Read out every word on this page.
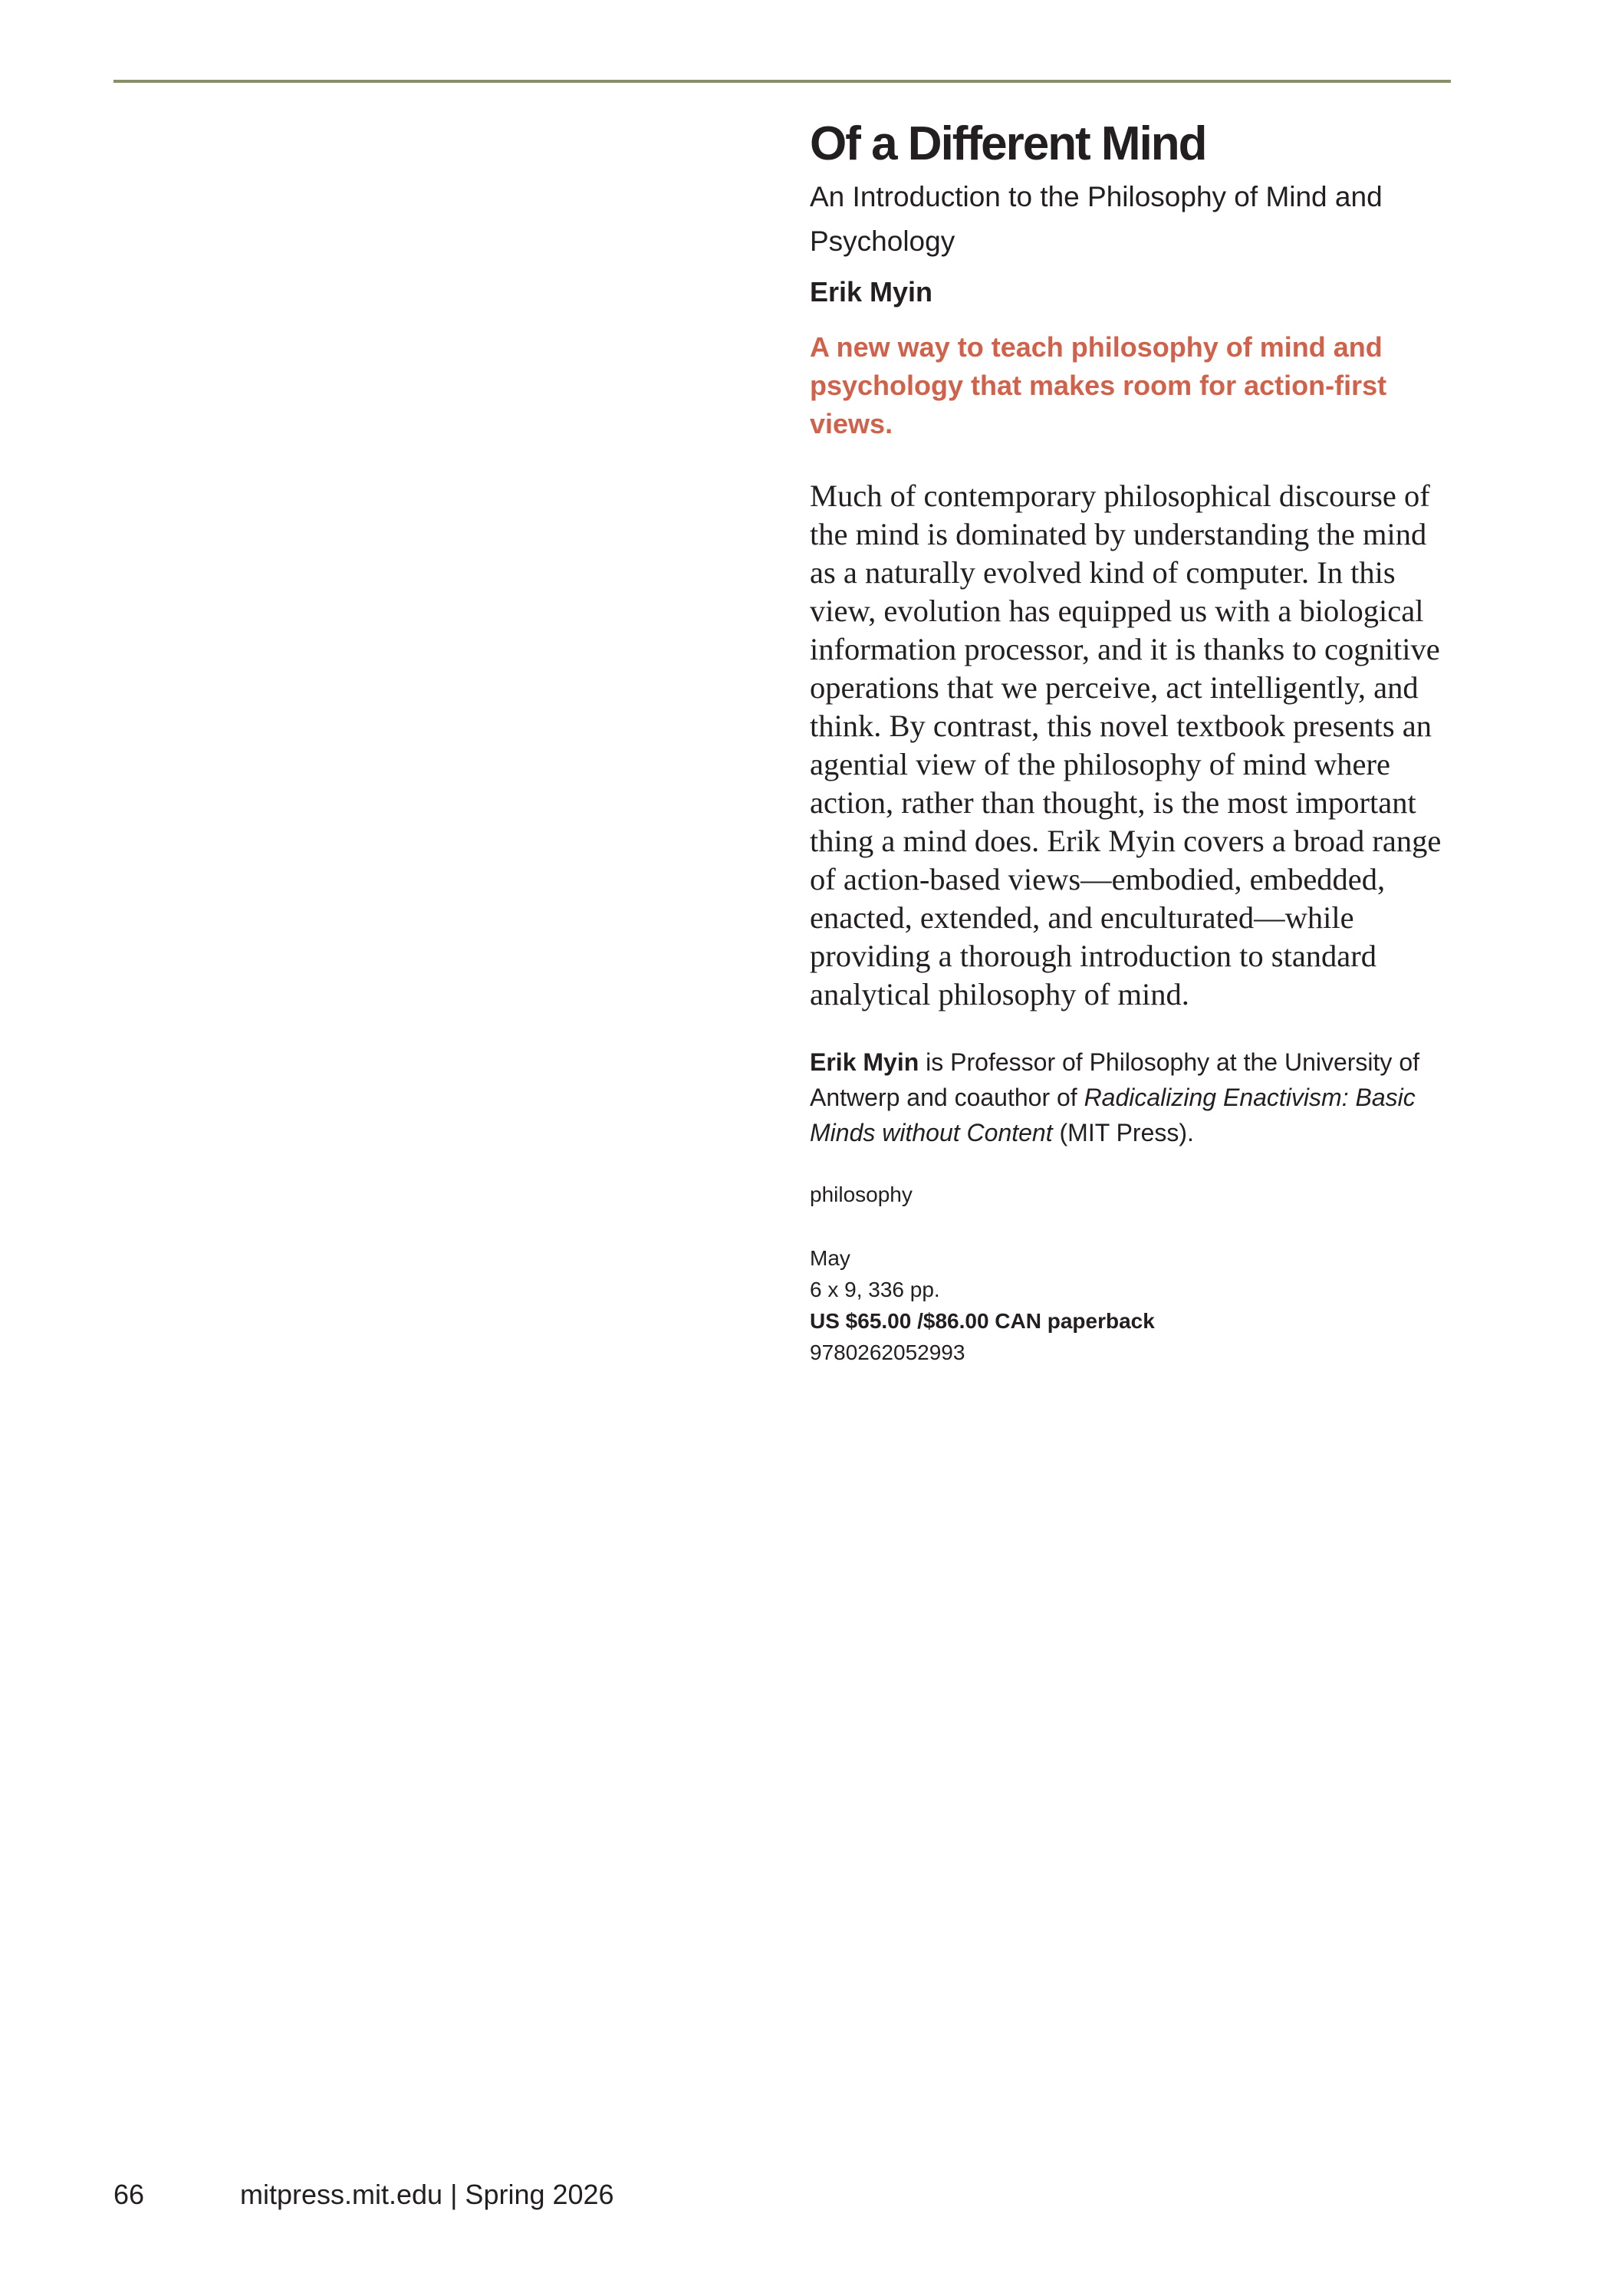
Of a Different Mind
An Introduction to the Philosophy of Mind and Psychology
Erik Myin
A new way to teach philosophy of mind and psychology that makes room for action-first views.

Much of contemporary philosophical discourse of the mind is dominated by understanding the mind as a naturally evolved kind of computer. In this view, evolution has equipped us with a biological information processor, and it is thanks to cognitive operations that we perceive, act intelligently, and think. By contrast, this novel textbook presents an agential view of the philosophy of mind where action, rather than thought, is the most important thing a mind does. Erik Myin covers a broad range of action-based views—embodied, embedded, enacted, extended, and enculturated—while providing a thorough introduction to standard analytical philosophy of mind.

Erik Myin is Professor of Philosophy at the University of Antwerp and coauthor of Radicalizing Enactivism: Basic Minds without Content (MIT Press).

philosophy
May
6 x 9, 336 pp.
US $65.00 /$86.00 CAN paperback
9780262052993
66	mitpress.mit.edu | Spring 2026
